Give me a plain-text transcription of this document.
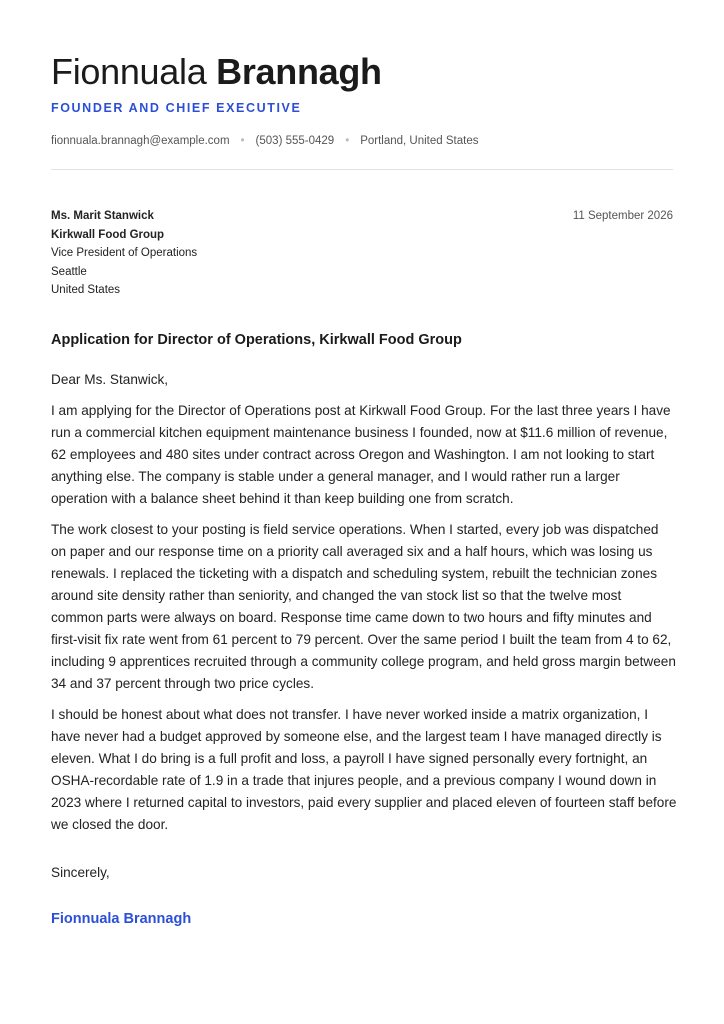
Fionnuala Brannagh
FOUNDER AND CHIEF EXECUTIVE
fionnuala.brannagh@example.com • (503) 555-0429 • Portland, United States
Ms. Marit Stanwick
Kirkwall Food Group
Vice President of Operations
Seattle
United States
11 September 2026
Application for Director of Operations, Kirkwall Food Group
Dear Ms. Stanwick,

I am applying for the Director of Operations post at Kirkwall Food Group. For the last three years I have run a commercial kitchen equipment maintenance business I founded, now at $11.6 million of revenue, 62 employees and 480 sites under contract across Oregon and Washington. I am not looking to start anything else. The company is stable under a general manager, and I would rather run a larger operation with a balance sheet behind it than keep building one from scratch.

The work closest to your posting is field service operations. When I started, every job was dispatched on paper and our response time on a priority call averaged six and a half hours, which was losing us renewals. I replaced the ticketing with a dispatch and scheduling system, rebuilt the technician zones around site density rather than seniority, and changed the van stock list so that the twelve most common parts were always on board. Response time came down to two hours and fifty minutes and first-visit fix rate went from 61 percent to 79 percent. Over the same period I built the team from 4 to 62, including 9 apprentices recruited through a community college program, and held gross margin between 34 and 37 percent through two price cycles.

I should be honest about what does not transfer. I have never worked inside a matrix organization, I have never had a budget approved by someone else, and the largest team I have managed directly is eleven. What I do bring is a full profit and loss, a payroll I have signed personally every fortnight, an OSHA-recordable rate of 1.9 in a trade that injures people, and a previous company I wound down in 2023 where I returned capital to investors, paid every supplier and placed eleven of fourteen staff before we closed the door.

Sincerely,
Fionnuala Brannagh
